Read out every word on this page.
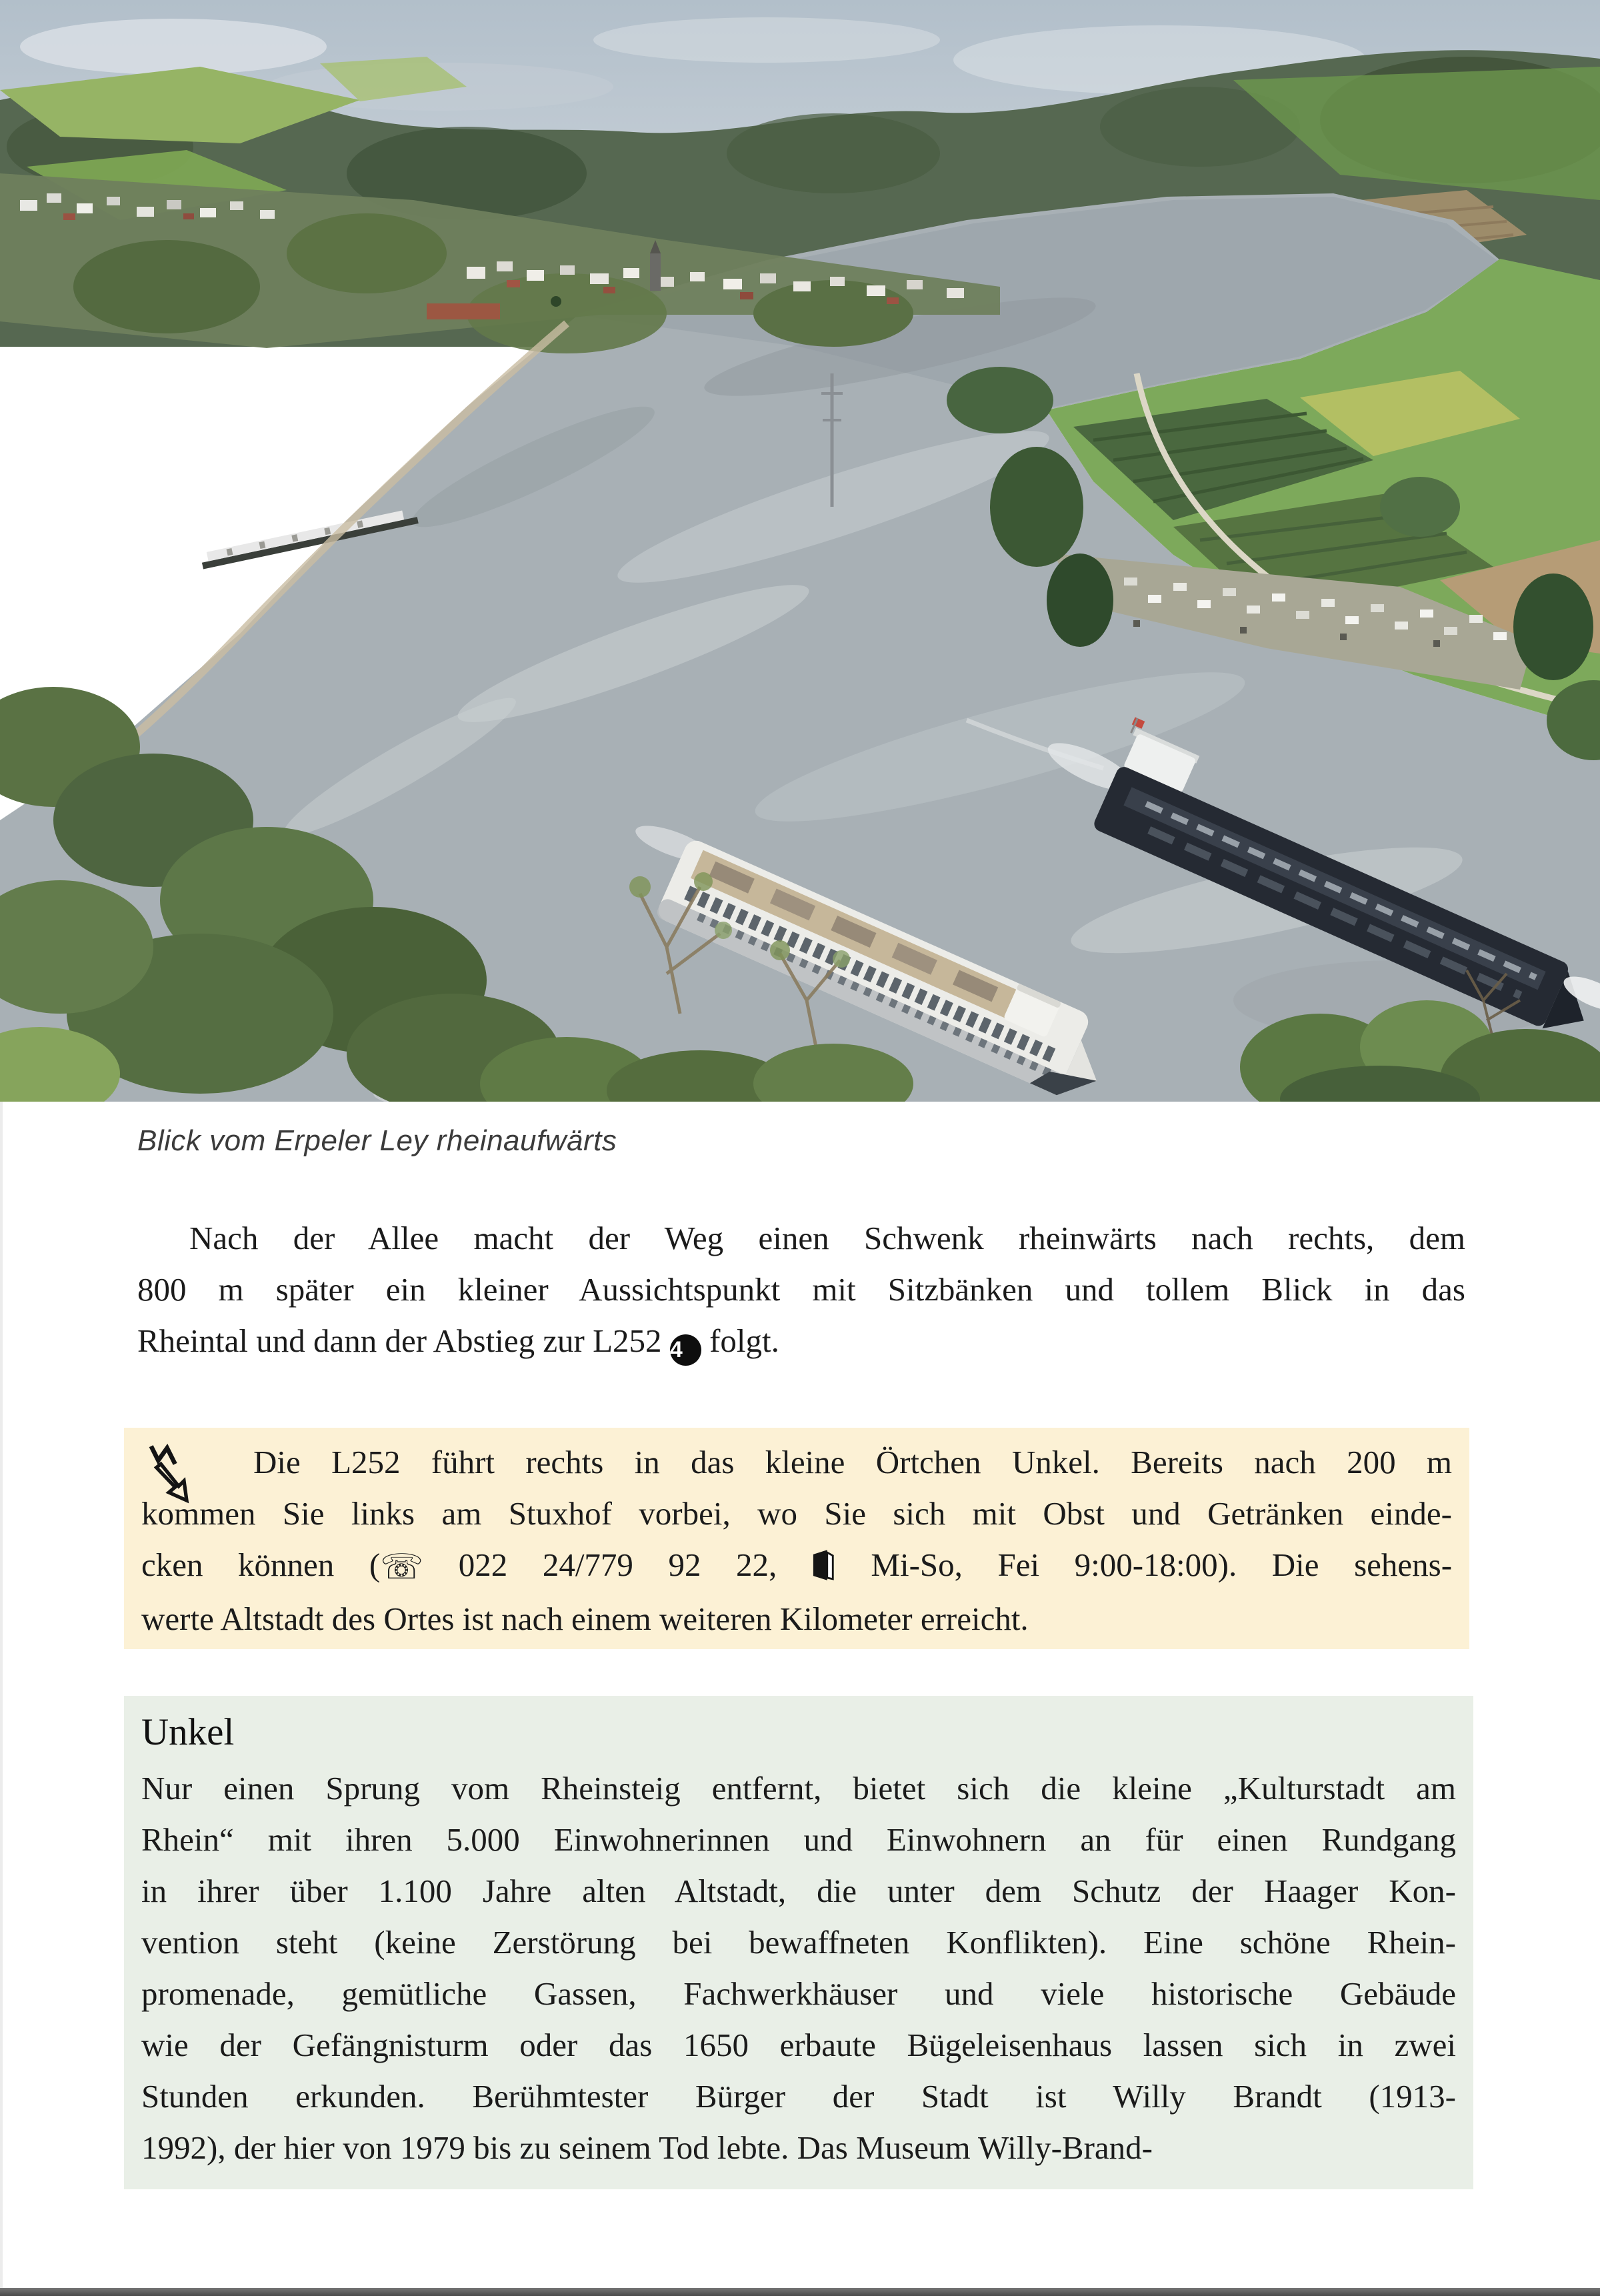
Blick vom Erpeler Ley rheinaufwärts
Nach der Allee macht der Weg einen Schwenk rheinwärts nach rechts, dem
800 m später ein kleiner Aussichtspunkt mit Sitzbänken und tollem Blick in das
Rheintal und dann der Abstieg zur L252 4 folgt.
Die L252 führt rechts in das kleine Örtchen Unkel. Bereits nach 200 m
kommen Sie links am Stuxhof vorbei, wo Sie sich mit Obst und Getränken einde-
cken können (☏ 022 24/779 92 22,	Mi-So, Fei 9:00-18:00). Die sehens-
werte Altstadt des Ortes ist nach einem weiteren Kilometer erreicht.
Unkel
Nur einen Sprung vom Rheinsteig entfernt, bietet sich die kleine „Kulturstadt am
Rhein“ mit ihren 5.000 Einwohnerinnen und Einwohnern an für einen Rundgang
in ihrer über 1.100 Jahre alten Altstadt, die unter dem Schutz der Haager Kon-
vention steht (keine Zerstörung bei bewaffneten Konflikten). Eine schöne Rhein-
promenade, gemütliche Gassen, Fachwerkhäuser und viele historische Gebäude
wie der Gefängnisturm oder das 1650 erbaute Bügeleisenhaus lassen sich in zwei
Stunden erkunden. Berühmtester Bürger der Stadt ist Willy Brandt (1913-
1992), der hier von 1979 bis zu seinem Tod lebte. Das Museum Willy-Brand-
